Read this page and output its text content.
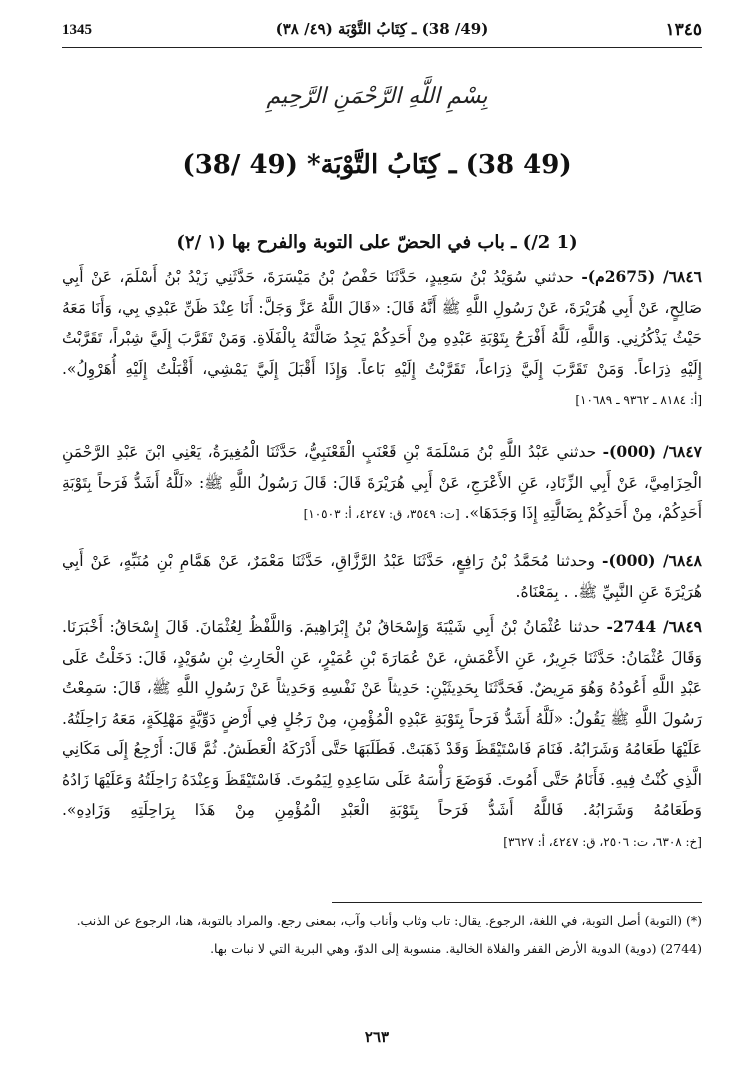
1345	(49/ 38) ـ كِتَابُ التَّوْبَة (٤٩/ ٣٨)	١٣٤٥
بِسْمِ اللَّهِ الرَّحْمَنِ الرَّحِيمِ
(49 38) ـ كِتَابُ التَّوْبَة* (49 /38)
(1 2/) ـ باب في الحضّ على التوبة والفرح بها (١ /٢)
٦٨٤٦/ (2675م)- حدثني سُوَيْدُ بْنُ سَعِيدٍ، حَدَّثَنَا حَفْصُ بْنُ مَيْسَرَةَ، حَدَّثَنِي زَيْدُ بْنُ أَسْلَمَ، عَنْ أَبِي صَالِحٍ، عَنْ أَبِي هُرَيْرَةَ، عَنْ رَسُولِ اللَّهِ ﷺ أَنَّهُ قَالَ: «قَالَ اللَّهُ عَزَّ وَجَلَّ: أَنَا عِنْدَ ظَنِّ عَبْدِي بِي، وَأَنَا مَعَهُ حَيْثُ يَذْكُرُنِي. وَاللَّهِ، لَلَّهُ أَفْرَحُ بِتَوْبَةِ عَبْدِهِ مِنْ أَحَدِكُمْ يَجِدُ ضَالَّتَهُ بِالْفَلَاةِ. وَمَنْ تَقَرَّبَ إِلَيَّ شِبْراً، تَقَرَّبْتُ إِلَيْهِ ذِرَاعاً. وَمَنْ تَقَرَّبَ إِلَيَّ ذِرَاعاً، تَقَرَّبْتُ إِلَيْهِ بَاعاً. وَإِذَا أَقْبَلَ إِلَيَّ يَمْشِي، أَقْبَلْتُ إِلَيْهِ أُهَرْوِلُ». [أ: ٨١٨٤ ـ ٩٣٦٢ ـ ١٠٦٨٩]
٦٨٤٧/ (000)- حدثني عَبْدُ اللَّهِ بْنُ مَسْلَمَةَ بْنِ قَعْنَبٍ الْقَعْنَبِيُّ، حَدَّثَنَا الْمُغِيرَةُ، يَعْنِي ابْنَ عَبْدِ الرَّحْمَنِ الْحِزَامِيَّ، عَنْ أَبِي الزِّنَادِ، عَنِ الأَعْرَجِ، عَنْ أَبِي هُرَيْرَةَ قَالَ: قَالَ رَسُولُ اللَّهِ ﷺ: «لَلَّهُ أَشَدُّ فَرَحاً بِتَوْبَةِ أَحَدِكُمْ، مِنْ أَحَدِكُمْ بِضَالَّتِهِ إِذَا وَجَدَهَا». [ت: ٣٥٤٩، ق: ٤٢٤٧، أ: ١٠٥٠٣]
٦٨٤٨/ (000)- وحدثنا مُحَمَّدُ بْنُ رَافِعٍ، حَدَّثَنَا عَبْدُ الرَّزَّاقِ، حَدَّثَنَا مَعْمَرٌ، عَنْ هَمَّامِ بْنِ مُنَبِّهٍ، عَنْ أَبِي هُرَيْرَةَ عَنِ النَّبِيِّ ﷺ. . بِمَعْنَاهُ.
٦٨٤٩/ 2744- حدثنا عُثْمَانُ بْنُ أَبِي شَيْبَةَ وَإِسْحَاقُ بْنُ إِبْرَاهِيمَ. وَاللَّفْظُ لِعُثْمَانَ. قَالَ إِسْحَاقُ: أَخْبَرَنَا. وَقَالَ عُثْمَانُ: حَدَّثَنَا جَرِيرٌ، عَنِ الأَعْمَشِ، عَنْ عُمَارَةَ بْنِ عُمَيْرٍ، عَنِ الْحَارِثِ بْنِ سُوَيْدٍ، قَالَ: دَخَلْتُ عَلَى عَبْدِ اللَّهِ أَعُودُهُ وَهُوَ مَرِيضٌ. فَحَدَّثَنَا بِحَدِيثَيْنِ: حَدِيثاً عَنْ نَفْسِهِ وَحَدِيثاً عَنْ رَسُولِ اللَّهِ ﷺ، قَالَ: سَمِعْتُ رَسُولَ اللَّهِ ﷺ يَقُولُ: «لَلَّهُ أَشَدُّ فَرَحاً بِتَوْبَةِ عَبْدِهِ الْمُؤْمِنِ، مِنْ رَجُلٍ فِي أَرْضٍ دَوِّيَّةٍ مَهْلِكَةٍ، مَعَهُ رَاحِلَتُهُ. عَلَيْهَا طَعَامُهُ وَشَرَابُهُ. فَنَامَ فَاسْتَيْقَظَ وَقَدْ ذَهَبَتْ. فَطَلَبَهَا حَتَّى أَدْرَكَهُ الْعَطَشُ. ثُمَّ قَالَ: أَرْجِعُ إِلَى مَكَانِي الَّذِي كُنْتُ فِيهِ. فَأَنَامُ حَتَّى أَمُوتَ. فَوَضَعَ رَأْسَهُ عَلَى سَاعِدِهِ لِيَمُوتَ. فَاسْتَيْقَظَ وَعِنْدَهُ رَاحِلَتُهُ وَعَلَيْهَا زَادُهُ وَطَعَامُهُ وَشَرَابُهُ. فَاللَّهُ أَشَدُّ فَرَحاً بِتَوْبَةِ الْعَبْدِ الْمُؤْمِنِ مِنْ هَذَا بِرَاحِلَتِهِ وَزَادِهِ». [خ: ٦٣٠٨، ت: ٢٥٠٦، ق: ٤٢٤٧، أ: ٣٦٢٧]

(*) (التوبة) أصل التوبة، في اللغة، الرجوع. يقال: تاب وثاب وأناب وآب، بمعنى رجع. والمراد بالتوبة، هنا، الرجوع عن الذنب.

(2744) (دوية) الدوية الأرض القفر والفلاة الخالية. منسوبة إلى الدوّ، وهي البرية التي لا نبات بها.

٢٦٣
